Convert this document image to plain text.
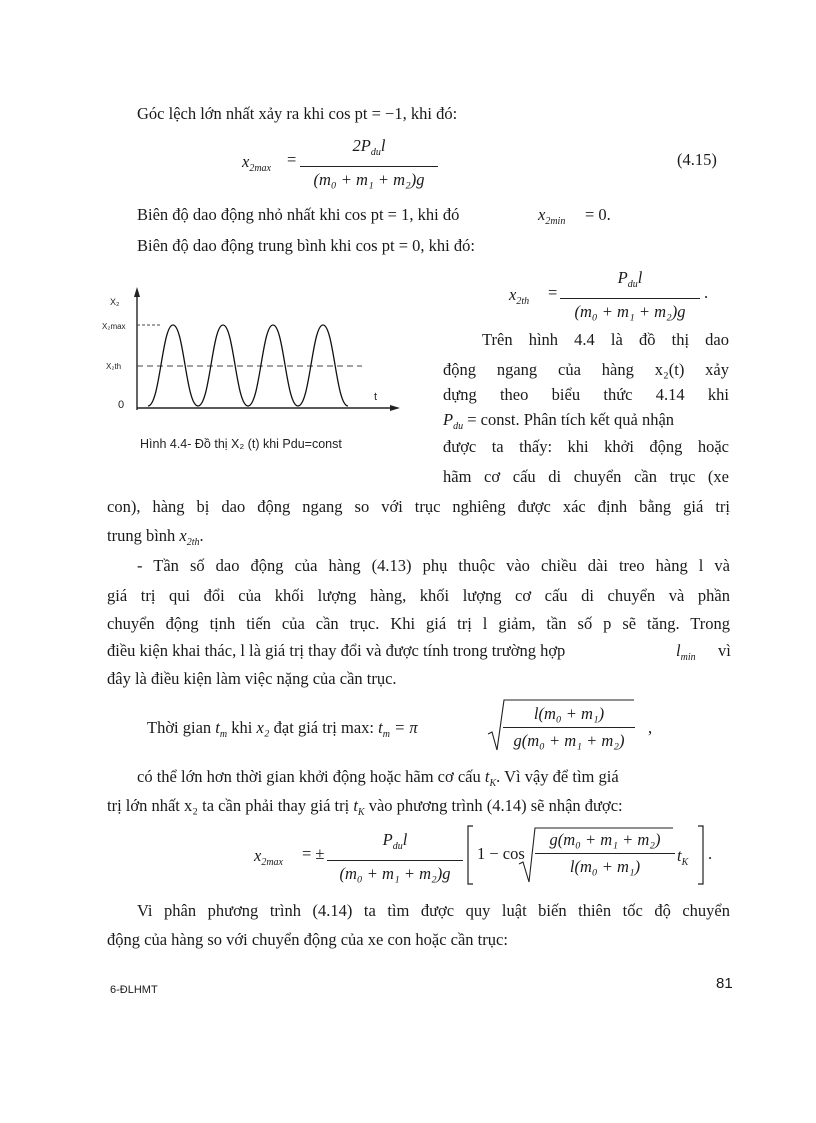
Góc lệch lớn nhất xảy ra khi cos pt = −1, khi đó:
$x_{2max}$ =
$2P_{du}l$
(m₀ + m₁ + m₂)g
(4.15)
Biên độ dao động nhỏ nhất khi cos pt = 1, khi đó	$x_{2min} = 0$.
Biên độ dao động trung bình khi cos pt = 0, khi đó:
$x_{2th}$ =
$P_{du}l$
(m₀ + m₁ + m₂)g
.
X₂
X₂max
X₂th
0
t
Hình 4.4- Đồ thị X₂ (t) khi Pdu=const
Trên hình 4.4 là đồ thị dao
động ngang của hàng x₂(t) xảy
dựng theo biểu thức 4.14 khi
$P_{du}$ = const. Phân tích kết quả nhận
được ta thấy: khi khởi động hoặc
hãm cơ cấu di chuyển cần trục (xe
con), hàng bị dao động ngang so với trục nghiêng được xác định bằng giá trị
trung bình $x_{2th}$.
- Tần số dao động của hàng (4.13) phụ thuộc vào chiều dài treo hàng l và
giá trị qui đổi của khối lượng hàng, khối lượng cơ cấu di chuyển và phần
chuyển động tịnh tiến của cần trục. Khi giá trị l giảm, tần số p sẽ tăng. Trong
điều kiện khai thác, l là giá trị thay đổi và được tính trong trường hợp	$l_{min}$ vì
đây là điều kiện làm việc nặng của cần trục.
Thời gian $t_m$ khi x₂ đạt giá trị max: $t_m = \pi$	$\frac{\text{l(m₀ + m₁)}}{\text{g(m₀ + m₁ + m₂)}}$ ,
có thể lớn hơn thời gian khởi động hoặc hãm cơ cấu $t_K$. Vì vậy để tìm giá
trị lớn nhất x₂ ta cần phải thay giá trị $t_K$ vào phương trình (4.14) sẽ nhận được:
$x_{2max}$ = ±
$P_{du}l$
(m₀ + m₁ + m₂)g
$1 - \cos \frac{\text{g(m₀ + m₁ + m₂)}}{\text{l(m₀ + m₁)}} t_K$ .
Vi phân phương trình (4.14) ta tìm được quy luật biến thiên tốc độ chuyển
động của hàng so với chuyển động của xe con hoặc cần trục:
6-ĐLHMT	81
